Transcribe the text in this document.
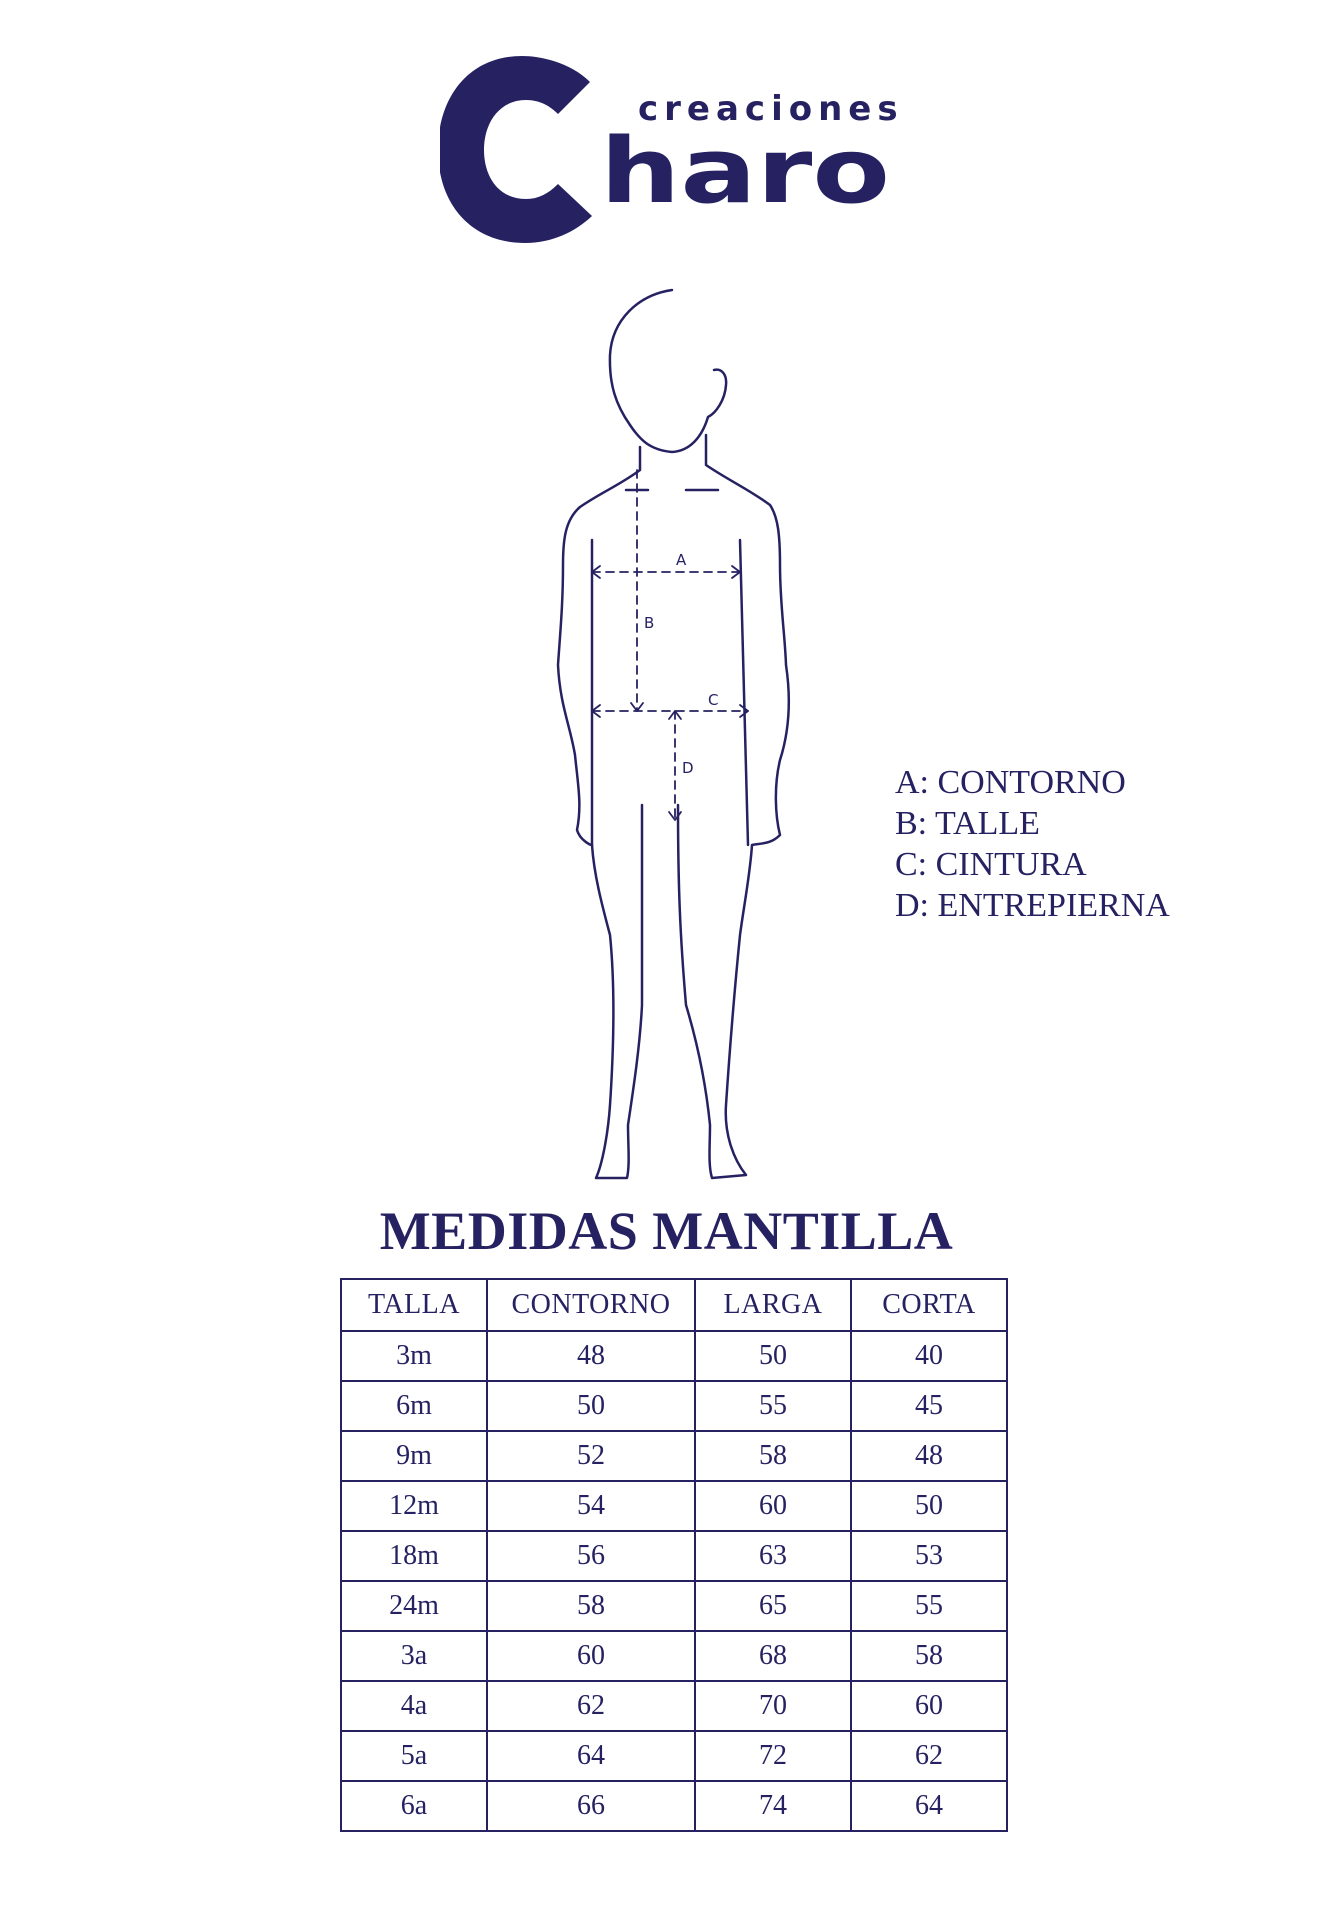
creaciones
haro
A
B
C
D	A: CONTORNO
B: TALLE
C: CINTURA
D: ENTREPIERNA
MEDIDAS MANTILLA
TALLA	CONTORNO	LARGA	CORTA
3m	48	50	40
6m	50	55	45
9m	52	58	48
12m	54	60	50
18m	56	63	53
24m	58	65	55
3a	60	68	58
4a	62	70	60
5a	64	72	62
6a	66	74	64
